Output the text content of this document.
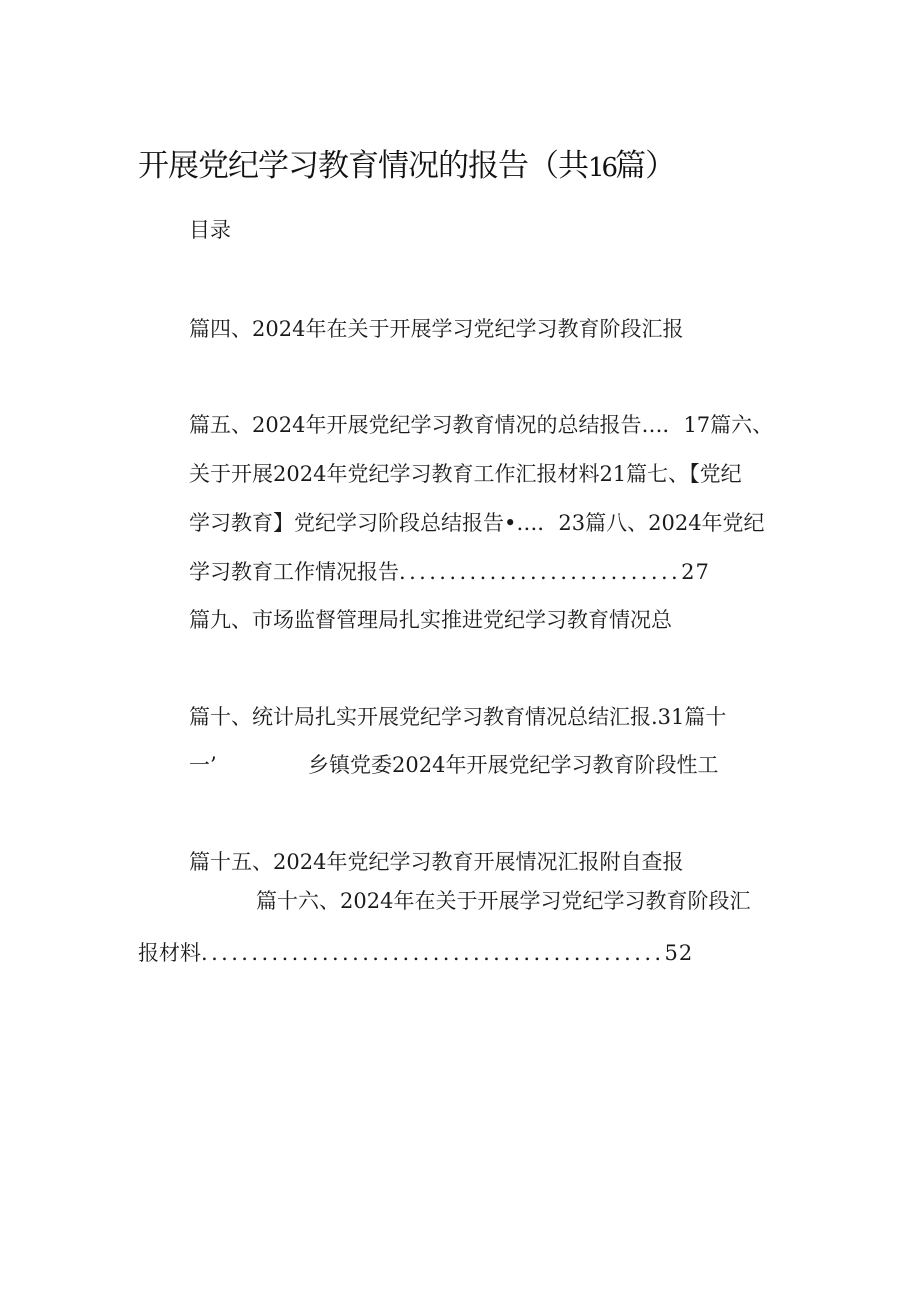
开展党纪学习教育情况的报告（共16篇）
目录
篇四、2024年在关于开展学习党纪学习教育阶段汇报
篇五、2024年开展党纪学习教育情况的总结报告…．17篇六、
关于开展2024年党纪学习教育工作汇报材料21篇七、【党纪
学习教育】党纪学习阶段总结报告•…．23篇八、2024年党纪
学习教育工作情况报告............................27
篇九、市场监督管理局扎实推进党纪学习教育情况总
篇十、统计局扎实开展党纪学习教育情况总结汇报.31篇十
一’	乡镇党委2024年开展党纪学习教育阶段性工
篇十五、2024年党纪学习教育开展情况汇报附自查报
篇十六、2024年在关于开展学习党纪学习教育阶段汇
报材料..............................................52
